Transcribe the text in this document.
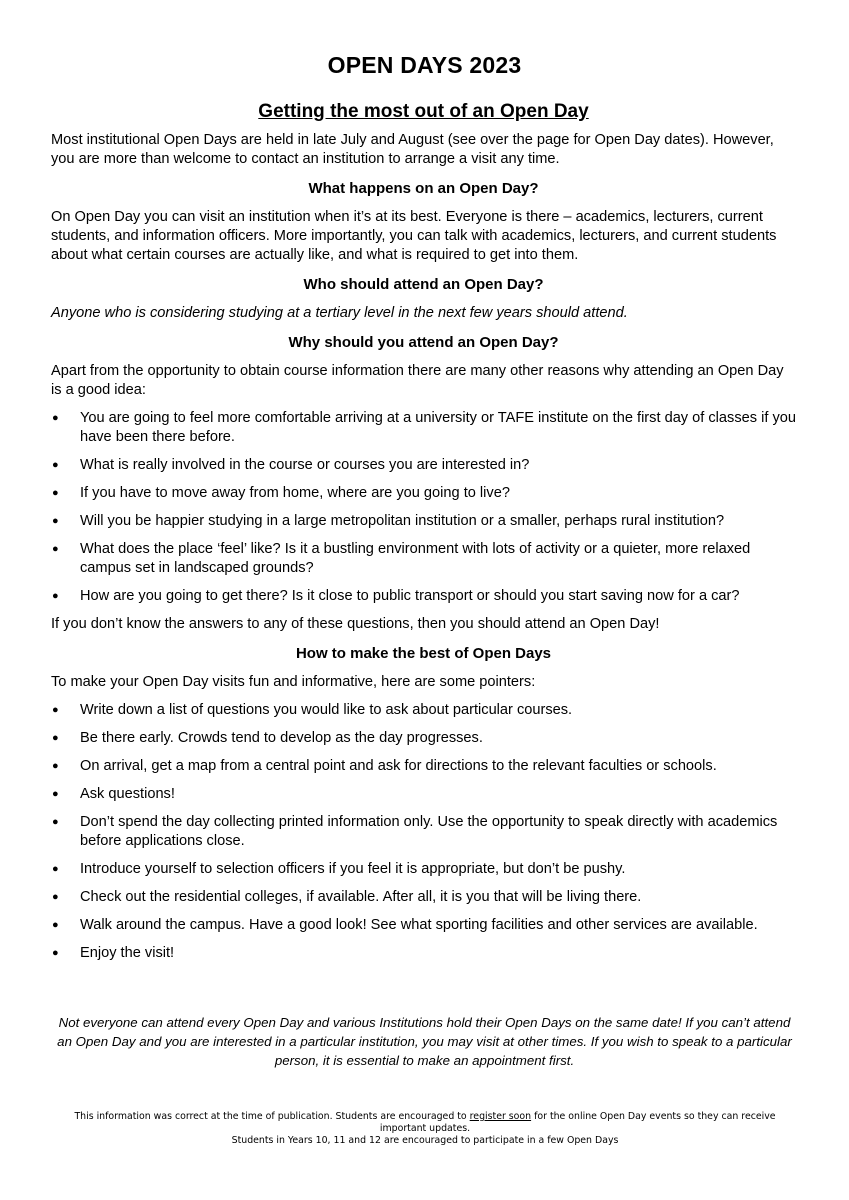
OPEN DAYS 2023
Getting the most out of an Open Day

Most institutional Open Days are held in late July and August (see over the page for Open Day dates). However, you are more than welcome to contact an institution to arrange a visit any time.

What happens on an Open Day?

On Open Day you can visit an institution when it’s at its best. Everyone is there – academics, lecturers, current students, and information officers. More importantly, you can talk with academics, lecturers, and current students about what certain courses are actually like, and what is required to get into them.

Who should attend an Open Day?

Anyone who is considering studying at a tertiary level in the next few years should attend.

Why should you attend an Open Day?

Apart from the opportunity to obtain course information there are many other reasons why attending an Open Day is a good idea:

● You are going to feel more comfortable arriving at a university or TAFE institute on the first day of classes if you have been there before.
● What is really involved in the course or courses you are interested in?
● If you have to move away from home, where are you going to live?
● Will you be happier studying in a large metropolitan institution or a smaller, perhaps rural institution?
● What does the place ‘feel’ like? Is it a bustling environment with lots of activity or a quieter, more relaxed campus set in landscaped grounds?
● How are you going to get there? Is it close to public transport or should you start saving now for a car?

If you don’t know the answers to any of these questions, then you should attend an Open Day!

How to make the best of Open Days

To make your Open Day visits fun and informative, here are some pointers:

● Write down a list of questions you would like to ask about particular courses.
● Be there early. Crowds tend to develop as the day progresses.
● On arrival, get a map from a central point and ask for directions to the relevant faculties or schools.
● Ask questions!
● Don’t spend the day collecting printed information only. Use the opportunity to speak directly with academics before applications close.
● Introduce yourself to selection officers if you feel it is appropriate, but don’t be pushy.
● Check out the residential colleges, if available. After all, it is you that will be living there.
● Walk around the campus. Have a good look! See what sporting facilities and other services are available.
● Enjoy the visit!

Not everyone can attend every Open Day and various Institutions hold their Open Days on the same date! If you can’t attend an Open Day and you are interested in a particular institution, you may visit at other times. If you wish to speak to a particular person, it is essential to make an appointment first.

This information was correct at the time of publication. Students are encouraged to register soon for the online Open Day events so they can receive important updates.
Students in Years 10, 11 and 12 are encouraged to participate in a few Open Days
